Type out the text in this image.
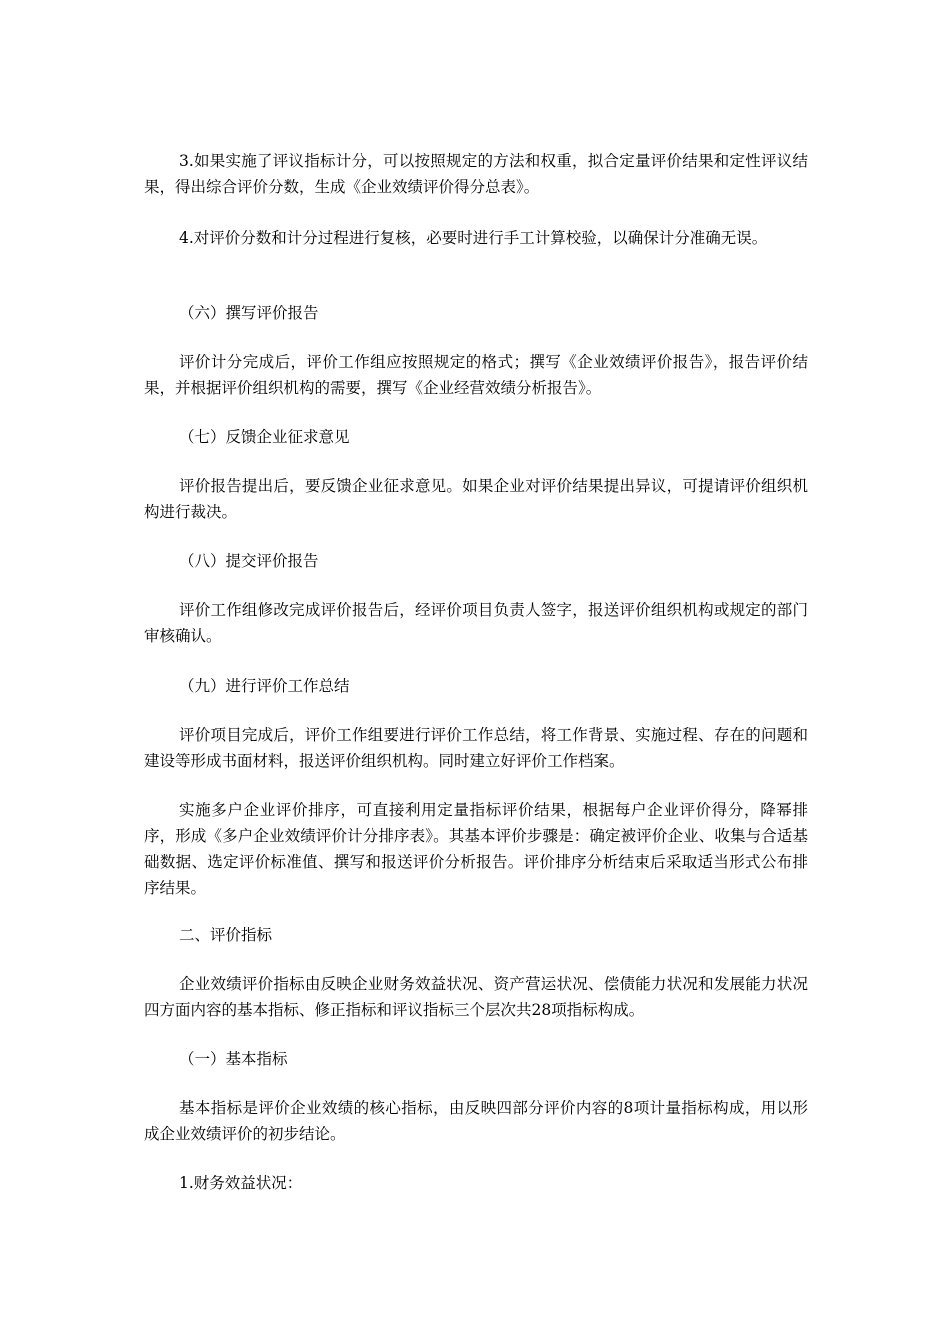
3.如果实施了评议指标计分，可以按照规定的方法和权重，拟合定量评价结果和定性评议结果，得出综合评价分数，生成《企业效绩评价得分总表》。

4.对评价分数和计分过程进行复核，必要时进行手工计算校验，以确保计分准确无误。

（六）撰写评价报告

评价计分完成后，评价工作组应按照规定的格式；撰写《企业效绩评价报告》，报告评价结果，并根据评价组织机构的需要，撰写《企业经营效绩分析报告》。

（七）反馈企业征求意见

评价报告提出后，要反馈企业征求意见。如果企业对评价结果提出异议，可提请评价组织机构进行裁决。

（八）提交评价报告

评价工作组修改完成评价报告后，经评价项目负责人签字，报送评价组织机构或规定的部门审核确认。

（九）进行评价工作总结

评价项目完成后，评价工作组要进行评价工作总结，将工作背景、实施过程、存在的问题和建设等形成书面材料，报送评价组织机构。同时建立好评价工作档案。

实施多户企业评价排序，可直接利用定量指标评价结果，根据每户企业评价得分，降幂排序，形成《多户企业效绩评价计分排序表》。其基本评价步骤是：确定被评价企业、收集与合适基础数据、选定评价标准值、撰写和报送评价分析报告。评价排序分析结束后采取适当形式公布排序结果。

二、评价指标

企业效绩评价指标由反映企业财务效益状况、资产营运状况、偿债能力状况和发展能力状况四方面内容的基本指标、修正指标和评议指标三个层次共28项指标构成。

（一）基本指标

基本指标是评价企业效绩的核心指标，由反映四部分评价内容的8项计量指标构成，用以形成企业效绩评价的初步结论。

1.财务效益状况：
